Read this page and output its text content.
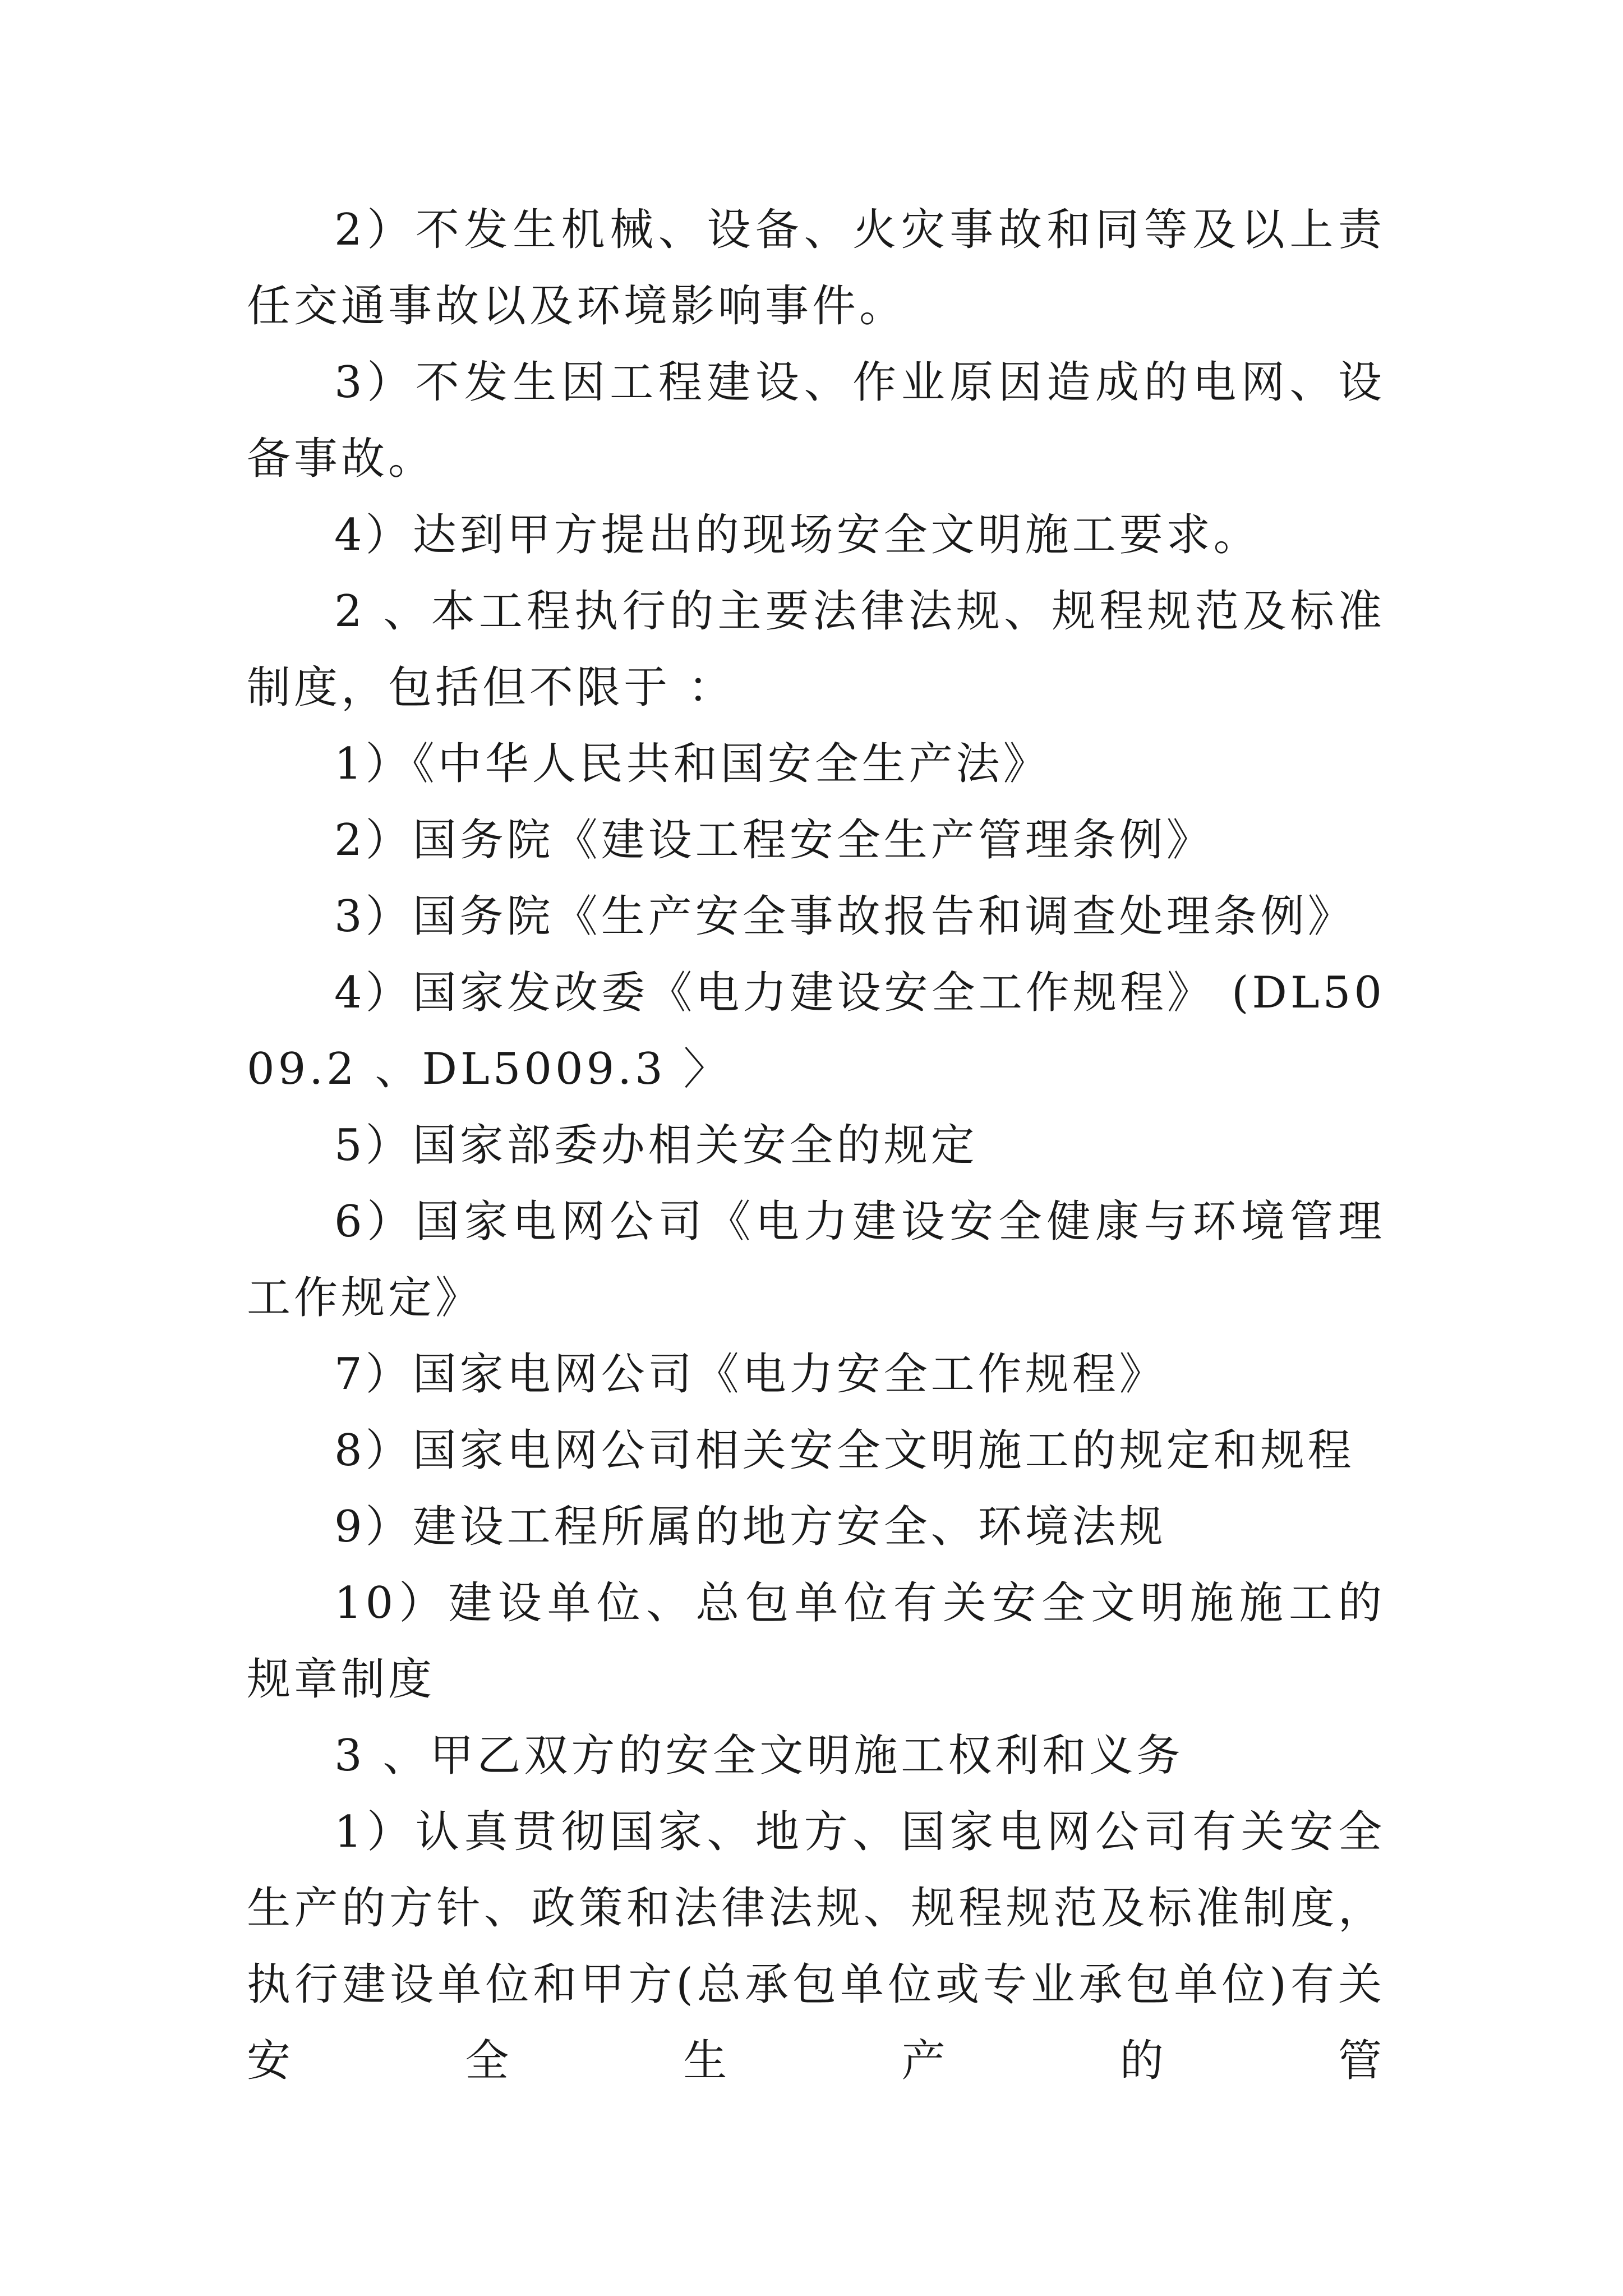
2）不发生机械、设备、火灾事故和同等及以上责任交通事故以及环境影响事件。

3）不发生因工程建设、作业原因造成的电网、设备事故。

4）达到甲方提出的现场安全文明施工要求。

2 、本工程执行的主要法律法规、规程规范及标准制度，包括但不限于 ：

1）《中华人民共和国安全生产法》

2）国务院《建设工程安全生产管理条例》

3）国务院《生产安全事故报告和调查处理条例》

4）国家发改委《电力建设安全工作规程》 (DL5009.2 、DL5009.3 〉

5）国家部委办相关安全的规定

6）国家电网公司《电力建设安全健康与环境管理工作规定》

7）国家电网公司《电力安全工作规程》

8）国家电网公司相关安全文明施工的规定和规程

9）建设工程所属的地方安全、环境法规

10）建设单位、总包单位有关安全文明施施工的规章制度

3 、甲乙双方的安全文明施工权利和义务

1）认真贯彻国家、地方、国家电网公司有关安全生产的方针、政策和法律法规、规程规范及标准制度，执行建设单位和甲方(总承包单位或专业承包单位)有关安全生产的管
